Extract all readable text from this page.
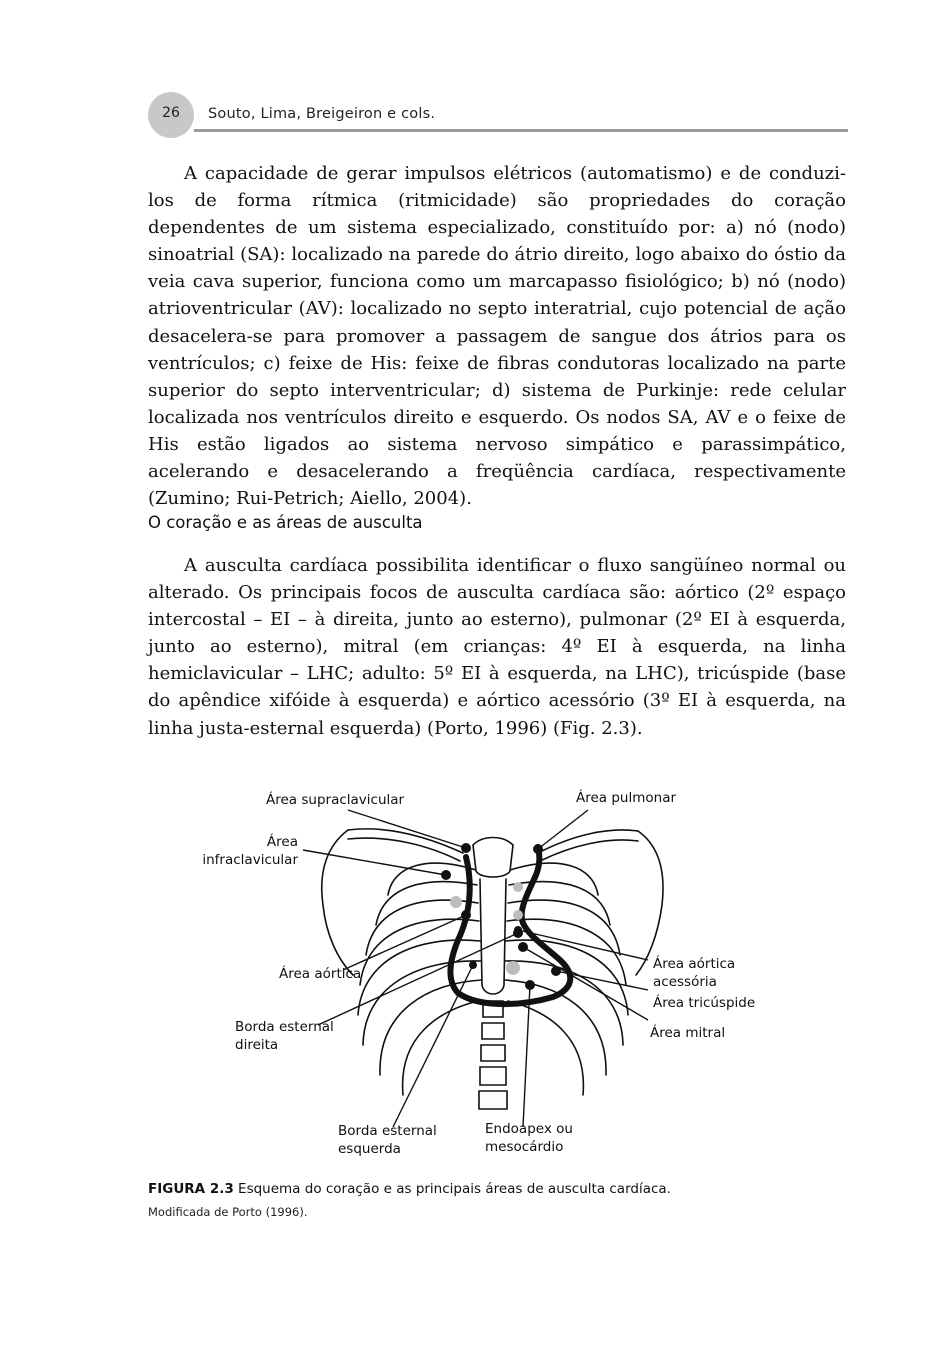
26	Souto, Lima, Breigeiron e cols.

A capacidade de gerar impulsos elétricos (automatismo) e de conduzi-los de forma rítmica (ritmicidade) são propriedades do coração dependentes de um sistema especializado, constituído por: a) nó (nodo) sinoatrial (SA): localizado na parede do átrio direito, logo abaixo do óstio da veia cava superior, funciona como um marcapasso fisiológico; b) nó (nodo) atrioventricular (AV): localizado no septo interatrial, cujo potencial de ação desacelera-se para promover a passagem de sangue dos átrios para os ventrículos; c) feixe de His: feixe de fibras condutoras localizado na parte superior do septo interventricular; d) sistema de Purkinje: rede celular localizada nos ventrículos direito e esquerdo. Os nodos SA, AV e o feixe de His estão ligados ao sistema nervoso simpático e parassimpático, acelerando e desacelerando a freqüência cardíaca, respectivamente (Zumino; Rui-Petrich; Aiello, 2004).

O coração e as áreas de ausculta

A ausculta cardíaca possibilita identificar o fluxo sangüíneo normal ou alterado. Os principais focos de ausculta cardíaca são: aórtico (2º espaço intercostal – EI – à direita, junto ao esterno), pulmonar (2º EI à esquerda, junto ao esterno), mitral (em crianças: 4º EI à esquerda, na linha hemiclavicular – LHC; adulto: 5º EI à esquerda, na LHC), tricúspide (base do apêndice xifóide à esquerda) e aórtico acessório (3º EI à esquerda, na linha justa-esternal esquerda) (Porto, 1996) (Fig. 2.3).

Área supraclavicular	Área pulmonar
Área
infraclavicular
Área aórtica
Área aórtica
acessória
Área tricúspide
Área mitral
Borda esternal
direita
Borda esternal
esquerda
Endoapex ou
mesocárdio
FIGURA 2.3 Esquema do coração e as principais áreas de ausculta cardíaca.
Modificada de Porto (1996).
